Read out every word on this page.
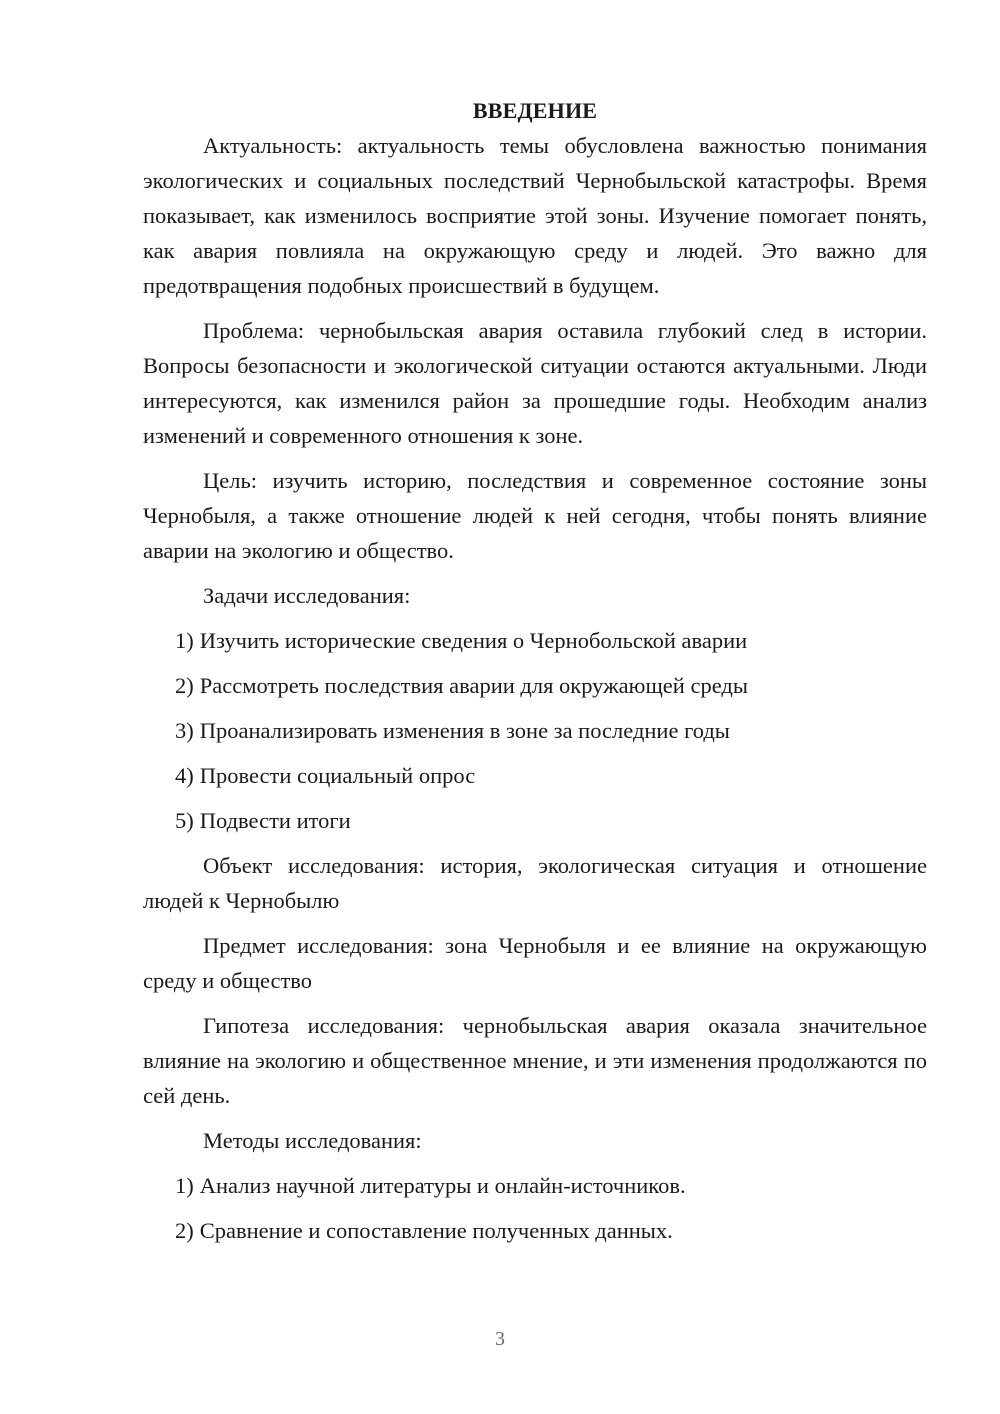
ВВЕДЕНИЕ

Актуальность: актуальность темы обусловлена важностью понимания экологических и социальных последствий Чернобыльской катастрофы. Время показывает, как изменилось восприятие этой зоны. Изучение помогает понять, как авария повлияла на окружающую среду и людей. Это важно для предотвращения подобных происшествий в будущем.

Проблема: чернобыльская авария оставила глубокий след в истории. Вопросы безопасности и экологической ситуации остаются актуальными. Люди интересуются, как изменился район за прошедшие годы. Необходим анализ изменений и современного отношения к зоне.

Цель: изучить историю, последствия и современное состояние зоны Чернобыля, а также отношение людей к ней сегодня, чтобы понять влияние аварии на экологию и общество.

Задачи исследования:

1) Изучить исторические сведения о Чернобольской аварии
2) Рассмотреть последствия аварии для окружающей среды
3) Проанализировать изменения в зоне за последние годы
4) Провести социальный опрос
5) Подвести итоги

Объект исследования: история, экологическая ситуация и отношение людей к Чернобылю

Предмет исследования: зона Чернобыля и ее влияние на окружающую среду и общество

Гипотеза исследования: чернобыльская авария оказала значительное влияние на экологию и общественное мнение, и эти изменения продолжаются по сей день.

Методы исследования:

1) Анализ научной литературы и онлайн-источников.
2) Сравнение и сопоставление полученных данных.
3
